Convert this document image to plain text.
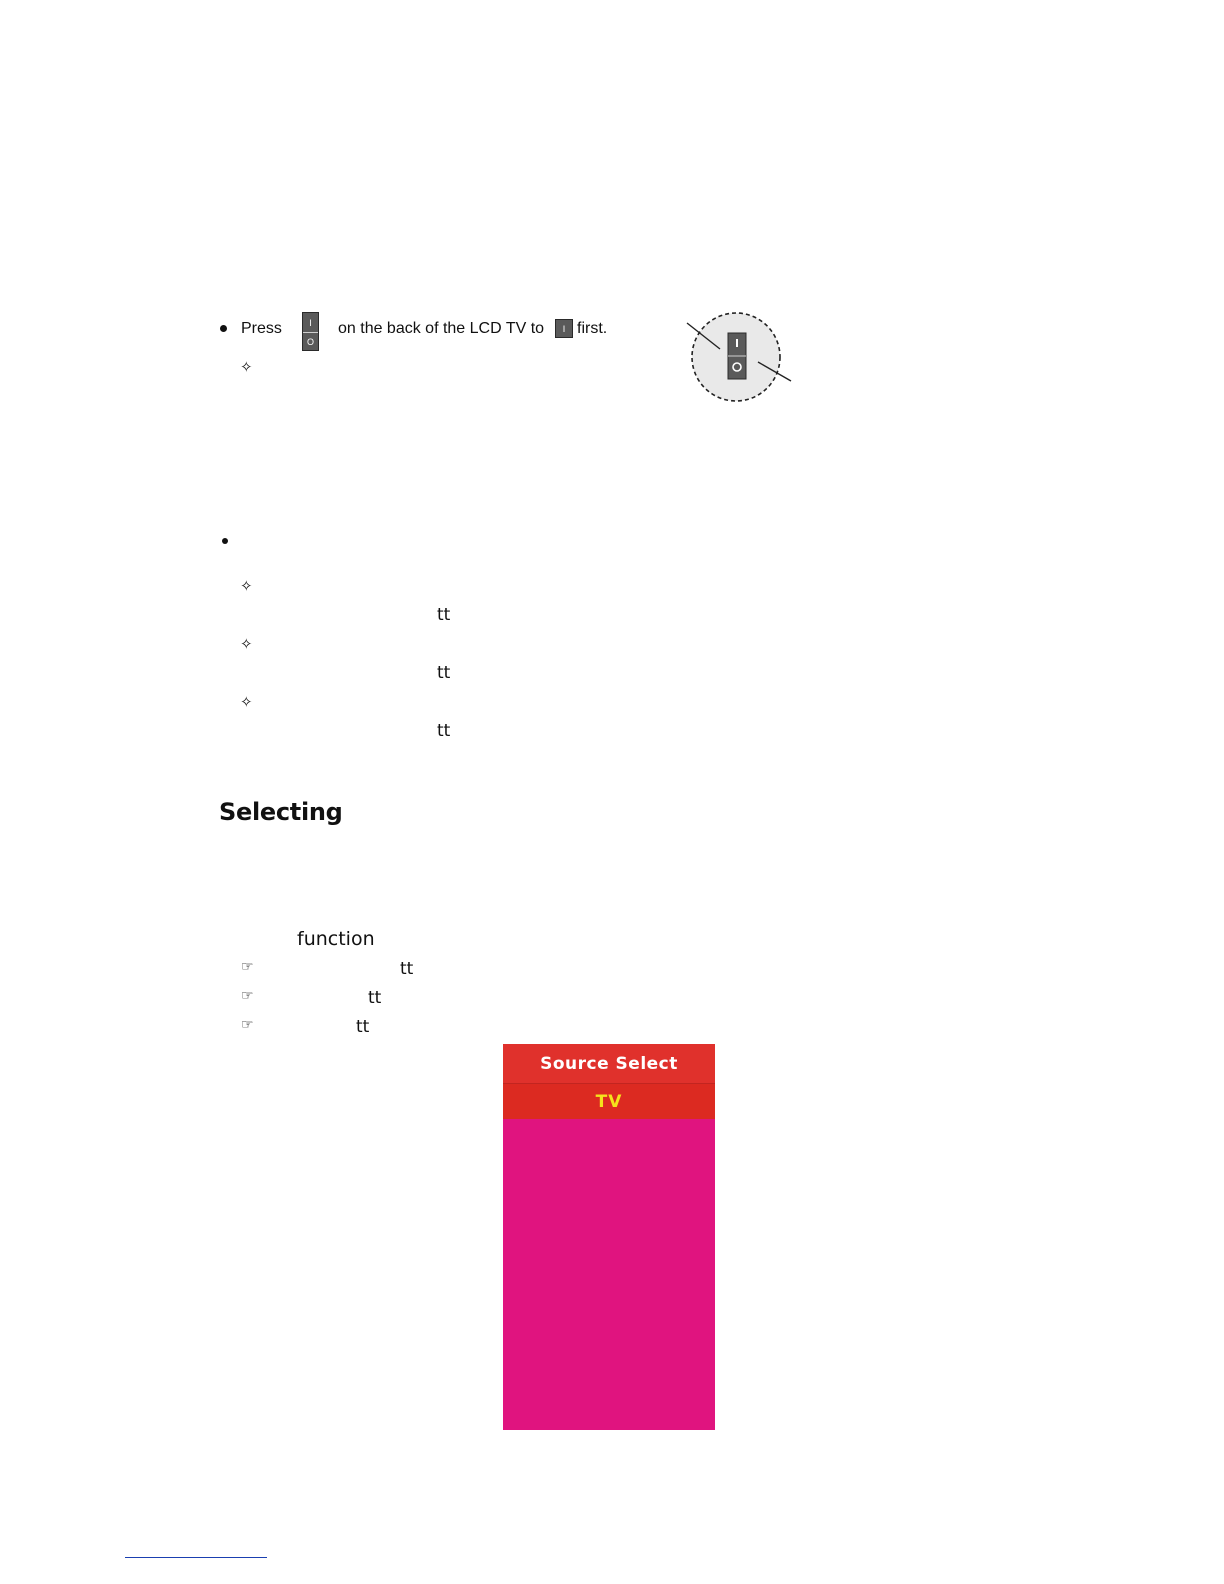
Press	I
O
on the back of the LCD TV to I first.
✧
✧
tt
✧
tt
✧
tt
Selecting
function
☞	tt
☞	tt
☞	tt
Source Select
TV
